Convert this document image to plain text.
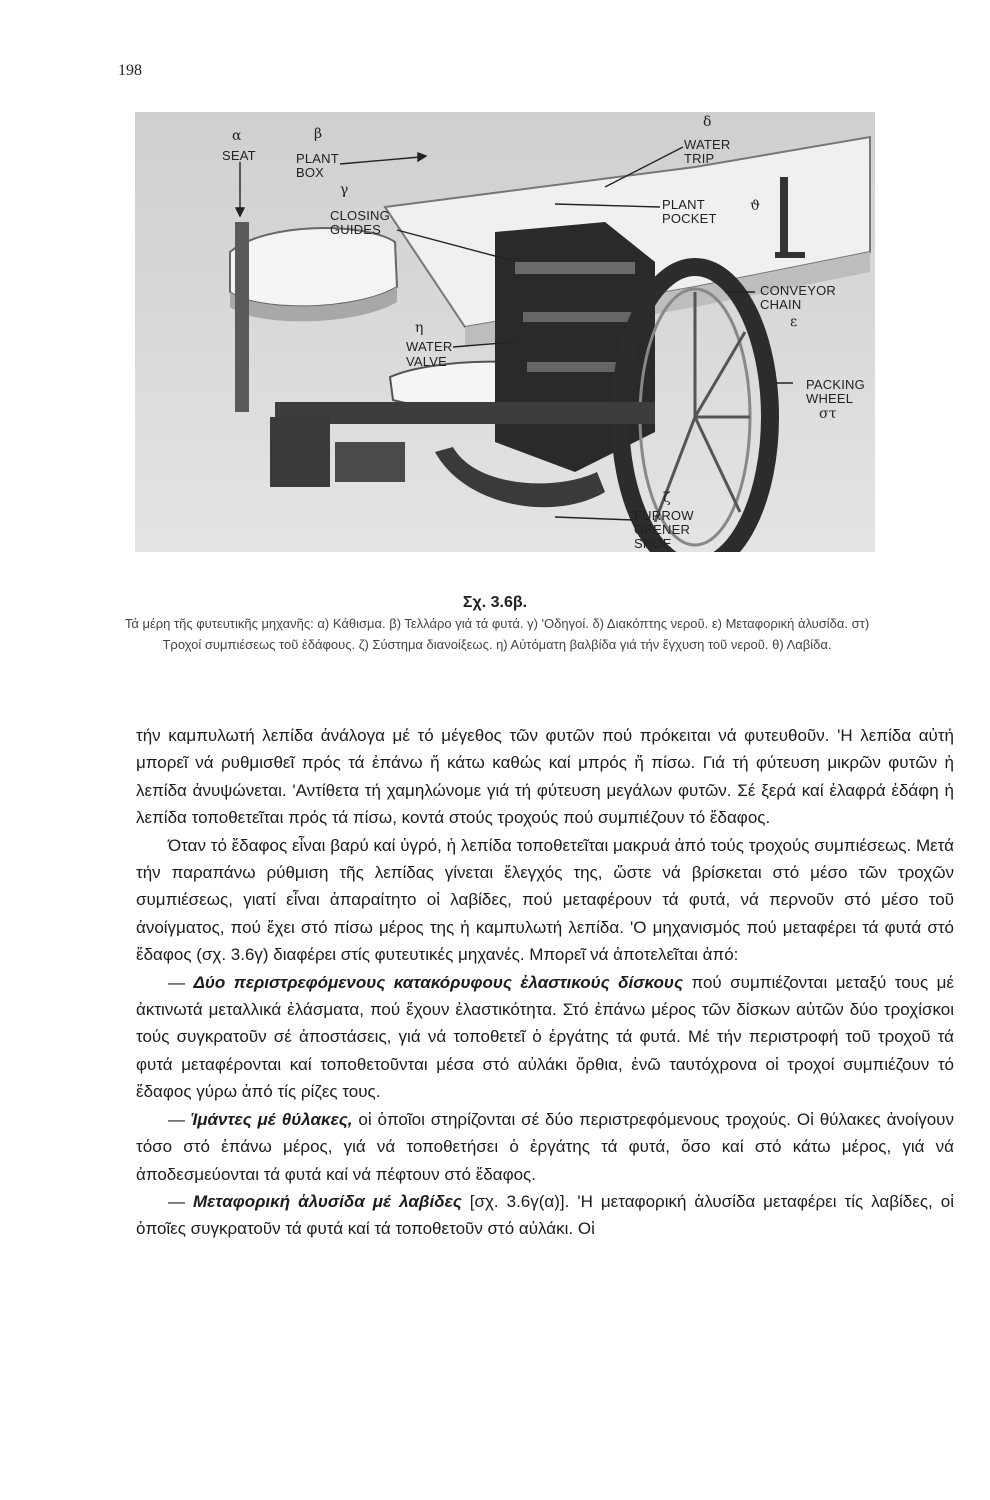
198
α
SEAT
β
PLANT
BOX
γ
CLOSING
GUIDES
δ
WATER
TRIP
PLANT
POCKET
ϑ
CONVEYOR
CHAIN
ε
η
WATER
VALVE
PACKING
WHEEL
στ
ζ
FURROW
OPENER
SHOE
Σχ. 3.6β.
Τά μέρη τῆς φυτευτικῆς μηχανῆς: α) Κάθισμα. β) Τελλάρο γιά τά φυτά. γ) 'Οδηγοί. δ) Διακόπτης νεροῦ. ε) Μεταφορική ἁλυσίδα. στ) Τροχοί συμπιέσεως τοῦ ἐδάφους. ζ) Σύστημα διανοίξεως. η) Αὐτόματη βαλβίδα γιά τήν ἔγχυση τοῦ νεροῦ. θ) Λαβίδα.

τήν καμπυλωτή λεπίδα ἀνάλογα μέ τό μέγεθος τῶν φυτῶν πού πρόκειται νά φυτευθοῦν. 'Η λεπίδα αὐτή μπορεῖ νά ρυθμισθεῖ πρός τά ἐπάνω ἤ κάτω καθώς καί μπρός ἤ πίσω. Γιά τή φύτευση μικρῶν φυτῶν ἡ λεπίδα ἀνυψώνεται. 'Αντίθετα τή χαμηλώνομε γιά τή φύτευση μεγάλων φυτῶν. Σέ ξερά καί ἐλαφρά ἐδάφη ἡ λεπίδα τοποθετεῖται πρός τά πίσω, κοντά στούς τροχούς πού συμπιέζουν τό ἔδαφος.

Όταν τό ἔδαφος εἶναι βαρύ καί ὑγρό, ἡ λεπίδα τοποθετεῖται μακρυά ἀπό τούς τροχούς συμπιέσεως. Μετά τήν παραπάνω ρύθμιση τῆς λεπίδας γίνεται ἔλεγχός της, ὥστε νά βρίσκεται στό μέσο τῶν τροχῶν συμπιέσεως, γιατί εἶναι ἀπαραίτητο οἱ λαβίδες, πού μεταφέρουν τά φυτά, νά περνοῦν στό μέσο τοῦ ἀνοίγματος, πού ἔχει στό πίσω μέρος της ἡ καμπυλωτή λεπίδα. 'Ο μηχανισμός πού μεταφέρει τά φυτά στό ἔδαφος (σχ. 3.6γ) διαφέρει στίς φυτευτικές μηχανές. Μπορεῖ νά ἀποτελεῖται ἀπό:

— Δύο περιστρεφόμενους κατακόρυφους ἐλαστικούς δίσκους πού συμπιέζονται μεταξύ τους μέ ἀκτινωτά μεταλλικά ἐλάσματα, πού ἔχουν ἐλαστικότητα. Στό ἐπάνω μέρος τῶν δίσκων αὐτῶν δύο τροχίσκοι τούς συγκρατοῦν σέ ἀποστάσεις, γιά νά τοποθετεῖ ὁ ἐργάτης τά φυτά. Μέ τήν περιστροφή τοῦ τροχοῦ τά φυτά μεταφέρονται καί τοποθετοῦνται μέσα στό αὐλάκι ὄρθια, ἐνῶ ταυτόχρονα οἱ τροχοί συμπιέζουν τό ἔδαφος γύρω ἀπό τίς ρίζες τους.

— Ἱμάντες μέ θύλακες, οἱ ὁποῖοι στηρίζονται σέ δύο περιστρεφόμενους τροχούς. Οἱ θύλακες ἀνοίγουν τόσο στό ἐπάνω μέρος, γιά νά τοποθετήσει ὁ ἐργάτης τά φυτά, ὅσο καί στό κάτω μέρος, γιά νά ἀποδεσμεύονται τά φυτά καί νά πέφτουν στό ἔδαφος.

— Μεταφορική ἁλυσίδα μέ λαβίδες [σχ. 3.6γ(α)]. 'Η μεταφορική ἁλυσίδα μεταφέρει τίς λαβίδες, οἱ ὁποῖες συγκρατοῦν τά φυτά καί τά τοποθετοῦν στό αὐλάκι. Οἱ
